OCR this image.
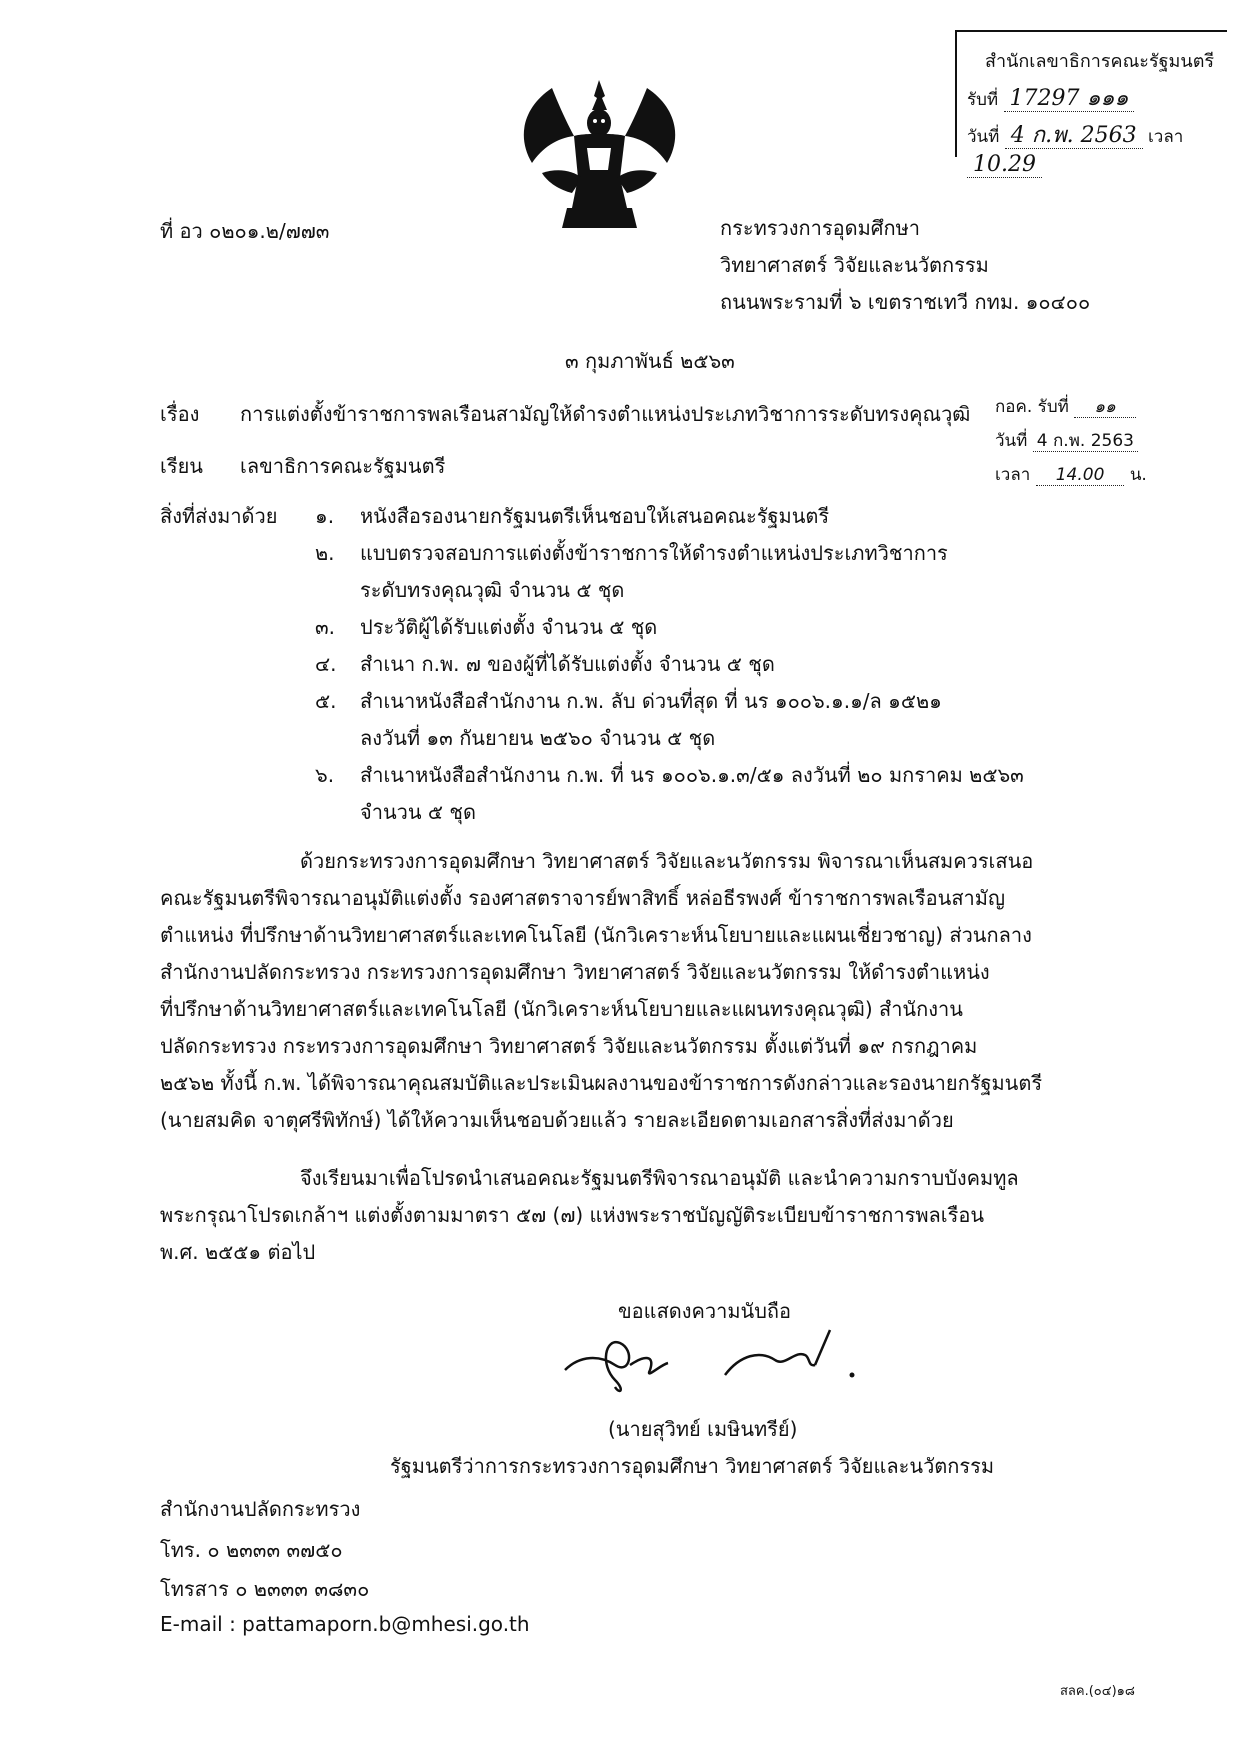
สำนักเลขาธิการคณะรัฐมนตรี
รับที่ 17297 ๑๑๑
วันที่ 4 ก.พ. 2563 เวลา 10.29
ที่ อว ๐๒๐๑.๒/๗๗๓	กระทรวงการอุดมศึกษา
วิทยาศาสตร์ วิจัยและนวัตกรรม
ถนนพระรามที่ ๖ เขตราชเทวี กทม. ๑๐๔๐๐
๓ กุมภาพันธ์ ๒๕๖๓
เรื่อง การแต่งตั้งข้าราชการพลเรือนสามัญให้ดำรงตำแหน่งประเภทวิชาการระดับทรงคุณวุฒิ กอค. รับที่ ๑๑
วันที่ 4 ก.พ. 2563
เวลา 14.00 น.
เรียน เลขาธิการคณะรัฐมนตรี
สิ่งที่ส่งมาด้วย ๑. หนังสือรองนายกรัฐมนตรีเห็นชอบให้เสนอคณะรัฐมนตรี
๒. แบบตรวจสอบการแต่งตั้งข้าราชการให้ดำรงตำแหน่งประเภทวิชาการ
ระดับทรงคุณวุฒิ จำนวน ๕ ชุด
๓. ประวัติผู้ได้รับแต่งตั้ง จำนวน ๕ ชุด
๔. สำเนา ก.พ. ๗ ของผู้ที่ได้รับแต่งตั้ง จำนวน ๕ ชุด
๕. สำเนาหนังสือสำนักงาน ก.พ. ลับ ด่วนที่สุด ที่ นร ๑๐๐๖.๑.๑/ล ๑๕๒๑
ลงวันที่ ๑๓ กันยายน ๒๕๖๐ จำนวน ๕ ชุด
๖. สำเนาหนังสือสำนักงาน ก.พ. ที่ นร ๑๐๐๖.๑.๓/๕๑ ลงวันที่ ๒๐ มกราคม ๒๕๖๓
จำนวน ๕ ชุด
ด้วยกระทรวงการอุดมศึกษา วิทยาศาสตร์ วิจัยและนวัตกรรม พิจารณาเห็นสมควรเสนอ
คณะรัฐมนตรีพิจารณาอนุมัติแต่งตั้ง รองศาสตราจารย์พาสิทธิ์ หล่อธีรพงศ์ ข้าราชการพลเรือนสามัญ
ตำแหน่ง ที่ปรึกษาด้านวิทยาศาสตร์และเทคโนโลยี (นักวิเคราะห์นโยบายและแผนเชี่ยวชาญ) ส่วนกลาง
สำนักงานปลัดกระทรวง กระทรวงการอุดมศึกษา วิทยาศาสตร์ วิจัยและนวัตกรรม ให้ดำรงตำแหน่ง
ที่ปรึกษาด้านวิทยาศาสตร์และเทคโนโลยี (นักวิเคราะห์นโยบายและแผนทรงคุณวุฒิ) สำนักงาน
ปลัดกระทรวง กระทรวงการอุดมศึกษา วิทยาศาสตร์ วิจัยและนวัตกรรม ตั้งแต่วันที่ ๑๙ กรกฎาคม
๒๕๖๒ ทั้งนี้ ก.พ. ได้พิจารณาคุณสมบัติและประเมินผลงานของข้าราชการดังกล่าวและรองนายกรัฐมนตรี
(นายสมคิด จาตุศรีพิทักษ์) ได้ให้ความเห็นชอบด้วยแล้ว รายละเอียดตามเอกสารสิ่งที่ส่งมาด้วย
จึงเรียนมาเพื่อโปรดนำเสนอคณะรัฐมนตรีพิจารณาอนุมัติ และนำความกราบบังคมทูล
พระกรุณาโปรดเกล้าฯ แต่งตั้งตามมาตรา ๕๗ (๗) แห่งพระราชบัญญัติระเบียบข้าราชการพลเรือน
พ.ศ. ๒๕๕๑ ต่อไป
ขอแสดงความนับถือ
(นายสุวิทย์ เมษินทรีย์)
รัฐมนตรีว่าการกระทรวงการอุดมศึกษา วิทยาศาสตร์ วิจัยและนวัตกรรม
สำนักงานปลัดกระทรวง
โทร. ๐ ๒๓๓๓ ๓๗๕๐
โทรสาร ๐ ๒๓๓๓ ๓๘๓๐
E-mail : pattamaporn.b@mhesi.go.th
สลค.(๐๔)๑๘
